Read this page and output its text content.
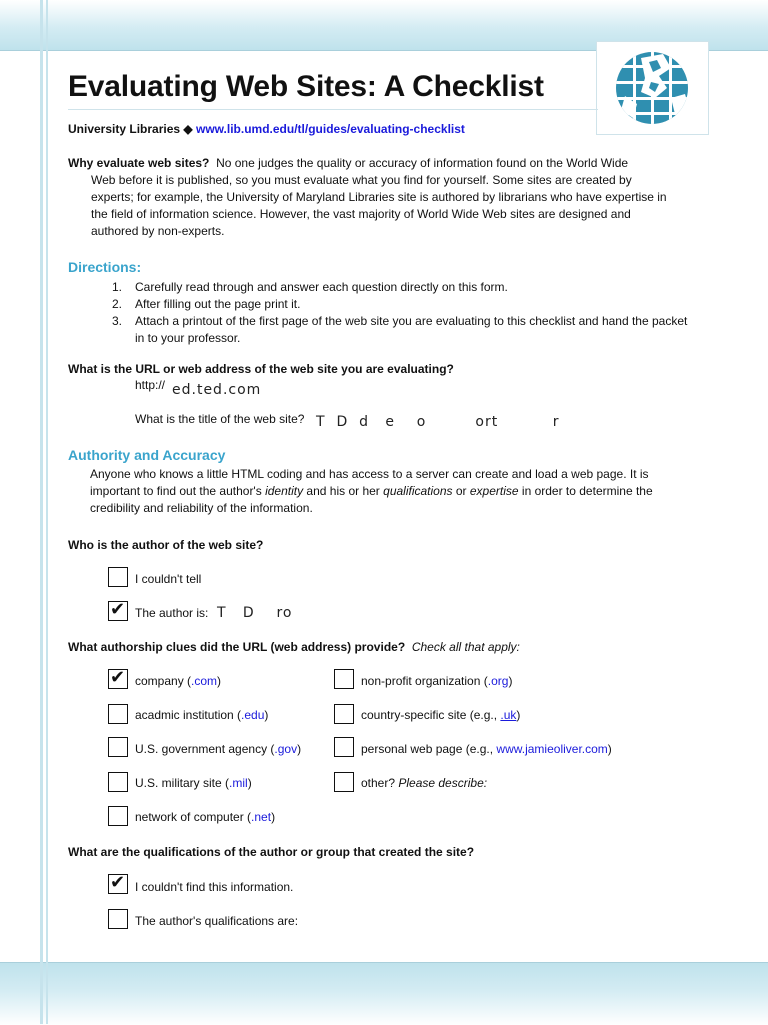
Evaluating Web Sites: A Checklist
University Libraries ◆ www.lib.umd.edu/tl/guides/evaluating-checklist
Why evaluate web sites? No one judges the quality or accuracy of information found on the World Wide
Web before it is published, so you must evaluate what you find for yourself. Some sites are created by experts; for example, the University of Maryland Libraries site is authored by librarians who have expertise in the field of information science. However, the vast majority of World Wide Web sites are designed and authored by non-experts.
Directions:
1. Carefully read through and answer each question directly on this form.
2. After filling out the page print it.
3. Attach a printout of the first page of the web site you are evaluating to this checklist and hand the packet in to your professor.
What is the URL or web address of the web site you are evaluating?
http:// ed.ted.com
What is the title of the web site? T  D  d   e    o         ort          r
Authority and Accuracy
Anyone who knows a little HTML coding and has access to a server can create and load a web page. It is important to find out the author's identity and his or her qualifications or expertise in order to determine the credibility and reliability of the information.
Who is the author of the web site?
I couldn't tell
✔ The author is: T   D    ro
What authorship clues did the URL (web address) provide? Check all that apply:
✔ company (.com)	non-profit organization (.org)
acadmic institution (.edu)	country-specific site (e.g., .uk)
U.S. government agency (.gov)	personal web page (e.g., www.jamieoliver.com)
U.S. military site (.mil)	other? Please describe:
network of computer (.net)
What are the qualifications of the author or group that created the site?
✔ I couldn't find this information.
The author's qualifications are:
